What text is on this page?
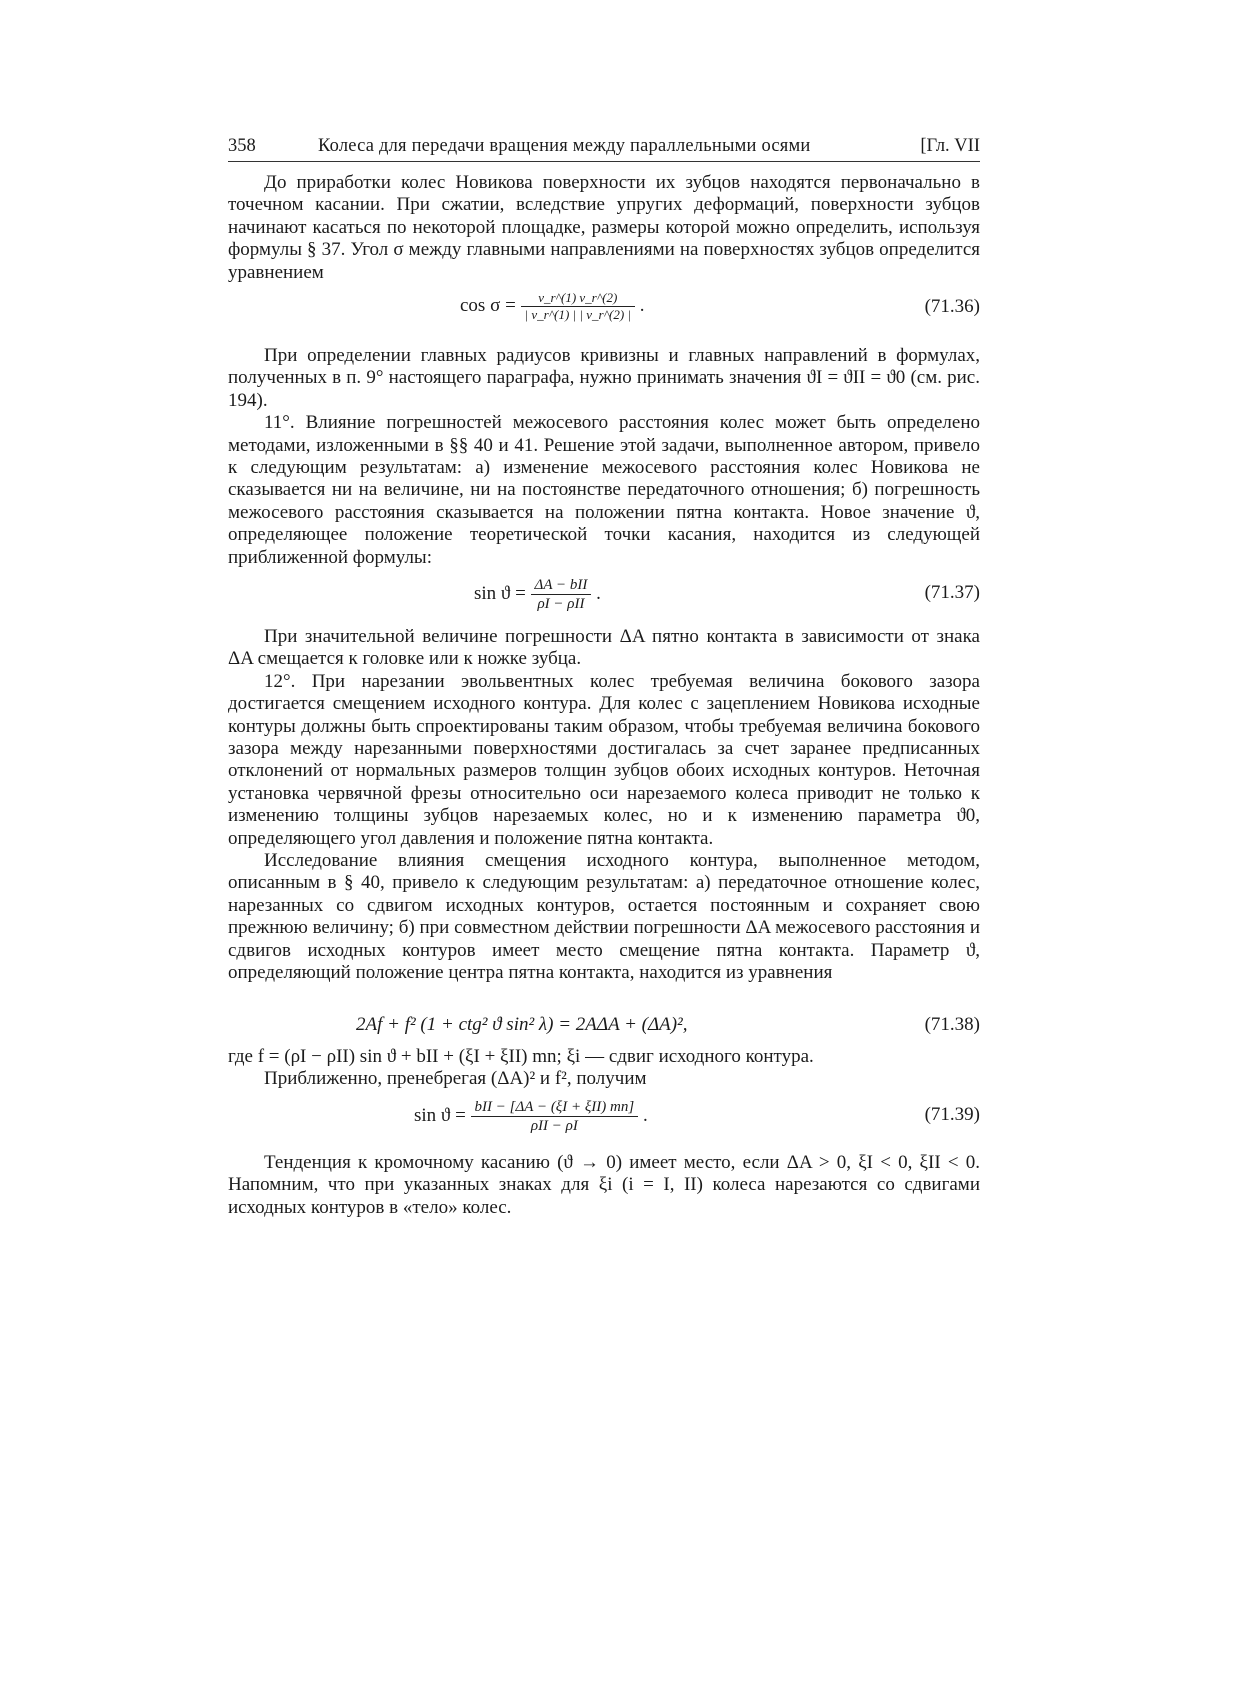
358	Колеса для передачи вращения между параллельными осями	[Гл. VII

До приработки колес Новикова поверхности их зубцов находятся первоначально в точечном касании. При сжатии, вследствие упругих деформаций, поверхности зубцов начинают касаться по некоторой площадке, размеры которой можно определить, используя формулы § 37. Угол σ между главными направлениями на поверхностях зубцов определится уравнением

$\cos \sigma = \frac{v\_r\^{}(1) v\_r\^{}(2)}{| v\_r\^{}(1) | | v\_r\^{}(2) |}$ .	(71.36)

При определении главных радиусов кривизны и главных направлений в формулах, полученных в п. 9° настоящего параграфа, нужно принимать значения ϑI = ϑII = ϑ0 (см. рис. 194).

11°. Влияние погрешностей межосевого расстояния колес может быть определено методами, изложенными в §§ 40 и 41. Решение этой задачи, выполненное автором, привело к следующим результатам: а) изменение межосевого расстояния колес Новикова не сказывается ни на величине, ни на постоянстве передаточного отношения; б) погрешность межосевого расстояния сказывается на положении пятна контакта. Новое значение ϑ, определяющее положение теоретической точки касания, находится из следующей приближенной формулы:

$\sin ϑ = \frac{\text{ΔA − bII}}{\text{ρI − ρII}}$ .	(71.37)

При значительной величине погрешности ΔA пятно контакта в зависимости от знака ΔA смещается к головке или к ножке зубца.

12°. При нарезании эвольвентных колес требуемая величина бокового зазора достигается смещением исходного контура. Для колес с зацеплением Новикова исходные контуры должны быть спроектированы таким образом, чтобы требуемая величина бокового зазора между нарезанными поверхностями достигалась за счет заранее предписанных отклонений от нормальных размеров толщин зубцов обоих исходных контуров. Неточная установка червячной фрезы относительно оси нарезаемого колеса приводит не только к изменению толщины зубцов нарезаемых колес, но и к изменению параметра ϑ0, определяющего угол давления и положение пятна контакта.

Исследование влияния смещения исходного контура, выполненное методом, описанным в § 40, привело к следующим результатам: а) передаточное отношение колес, нарезанных со сдвигом исходных контуров, остается постоянным и сохраняет свою прежнюю величину; б) при совместном действии погрешности ΔA межосевого расстояния и сдвигов исходных контуров имеет место смещение пятна контакта. Параметр ϑ, определяющий положение центра пятна контакта, находится из уравнения

2Af + f² (1 + ctg² ϑ sin² λ) = 2AΔA + (ΔA)²,	(71.38)

где f = (ρI − ρII) sin ϑ + bII + (ξI + ξII) mn; ξi — сдвиг исходного контура.

Приближенно, пренебрегая (ΔA)² и f², получим

$\sin ϑ = \frac{\text{bII − [ΔA − (ξI + ξII) mn]}}{\text{ρII − ρI}}$ .	(71.39)

Тенденция к кромочному касанию (ϑ → 0) имеет место, если ΔA > 0, ξI < 0, ξII < 0. Напомним, что при указанных знаках для ξi (i = I, II) колеса нарезаются со сдвигами исходных контуров в «тело» колес.
